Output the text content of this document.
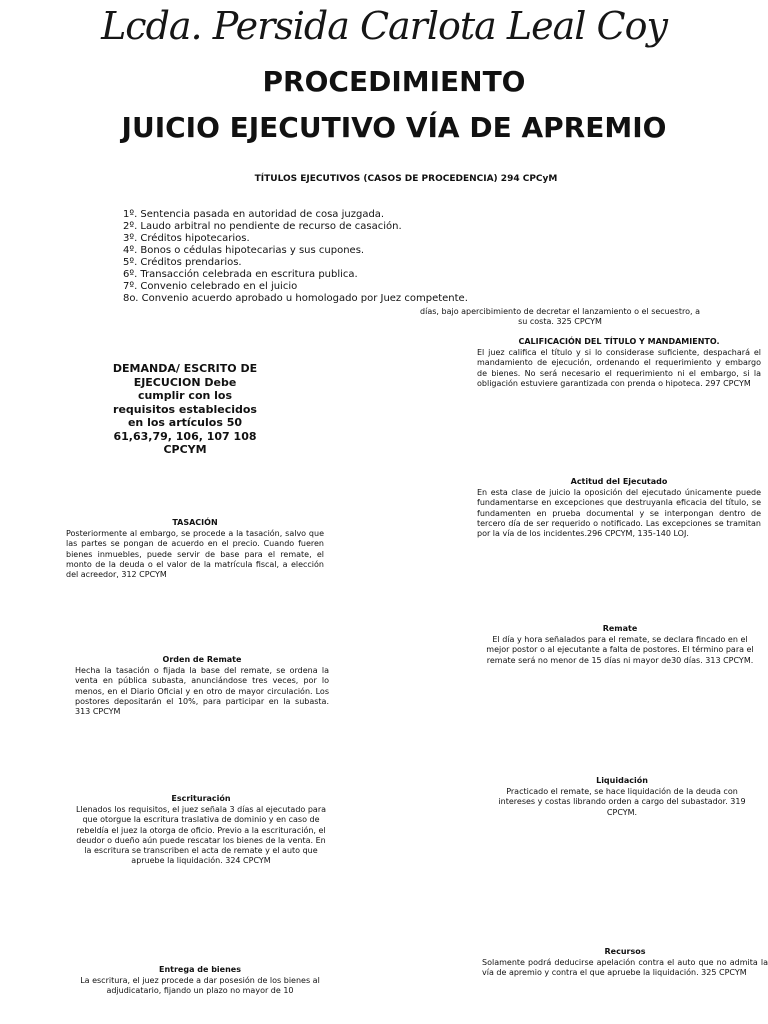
Lcda. Persida Carlota Leal Coy
PROCEDIMIENTO
JUICIO EJECUTIVO VÍA DE APREMIO
TÍTULOS EJECUTIVOS (CASOS DE PROCEDENCIA) 294 CPCyM
1º. Sentencia pasada en autoridad de cosa juzgada.
2º. Laudo arbitral no pendiente de recurso de casación.
3º. Créditos hipotecarios.
4º. Bonos o cédulas hipotecarias y sus cupones.
5º. Créditos prendarios.
6º. Transacción celebrada en escritura publica.
7º. Convenio celebrado en el juicio
8o. Convenio acuerdo aprobado u homologado por Juez competente.
días, bajo apercibimiento de decretar el lanzamiento o el secuestro, a su costa. 325 CPCYM
DEMANDA/ ESCRITO DE EJECUCION Debe cumplir con los requisitos establecidos en los artículos 50 61,63,79, 106, 107 108 CPCYM
CALIFICACIÓN DEL TÍTULO Y MANDAMIENTO.
El juez califica el título y si lo considerase suficiente, despachará el mandamiento de ejecución, ordenando el requerimiento y embargo de bienes. No será necesario el requerimiento ni el embargo, si la obligación estuviere garantizada con prenda o hipoteca. 297 CPCYM
Actitud del Ejecutado
En esta clase de juicio la oposición del ejecutado únicamente puede fundamentarse en excepciones que destruyanla eficacia del título, se fundamenten en prueba documental y se interpongan dentro de tercero día de ser requerido o notificado. Las excepciones se tramitan por la vía de los incidentes.296 CPCYM, 135-140 LOJ.
TASACIÓN
Posteriormente al embargo, se procede a la tasación, salvo que las partes se pongan de acuerdo en el precio. Cuando fueren bienes inmuebles, puede servir de base para el remate, el monto de la deuda o el valor de la matrícula fiscal, a elección del acreedor, 312 CPCYM
Remate
El día y hora señalados para el remate, se declara fincado en el mejor postor o al ejecutante a falta de postores. El término para el remate será no menor de 15 días ni mayor de30 días. 313 CPCYM.
Orden de Remate
Hecha la tasación o fijada la base del remate, se ordena la venta en pública subasta, anunciándose tres veces, por lo menos, en el Diario Oficial y en otro de mayor circulación. Los postores depositarán el 10%, para participar en la subasta. 313 CPCYM
Liquidación
Practicado el remate, se hace liquidación de la deuda con intereses y costas librando orden a cargo del subastador. 319 CPCYM.
Escrituración
Llenados los requisitos, el juez señala 3 días al ejecutado para que otorgue la escritura traslativa de dominio y en caso de rebeldía el juez la otorga de oficio. Previo a la escrituración, el deudor o dueño aún puede rescatar los bienes de la venta. En la escritura se transcriben el acta de remate y el auto que apruebe la liquidación. 324 CPCYM
Recursos
Solamente podrá deducirse apelación contra el auto que no admita la vía de apremio y contra el que apruebe la liquidación. 325 CPCYM
Entrega de bienes
La escritura, el juez procede a dar posesión de los bienes al adjudicatario, fijando un plazo no mayor de 10
